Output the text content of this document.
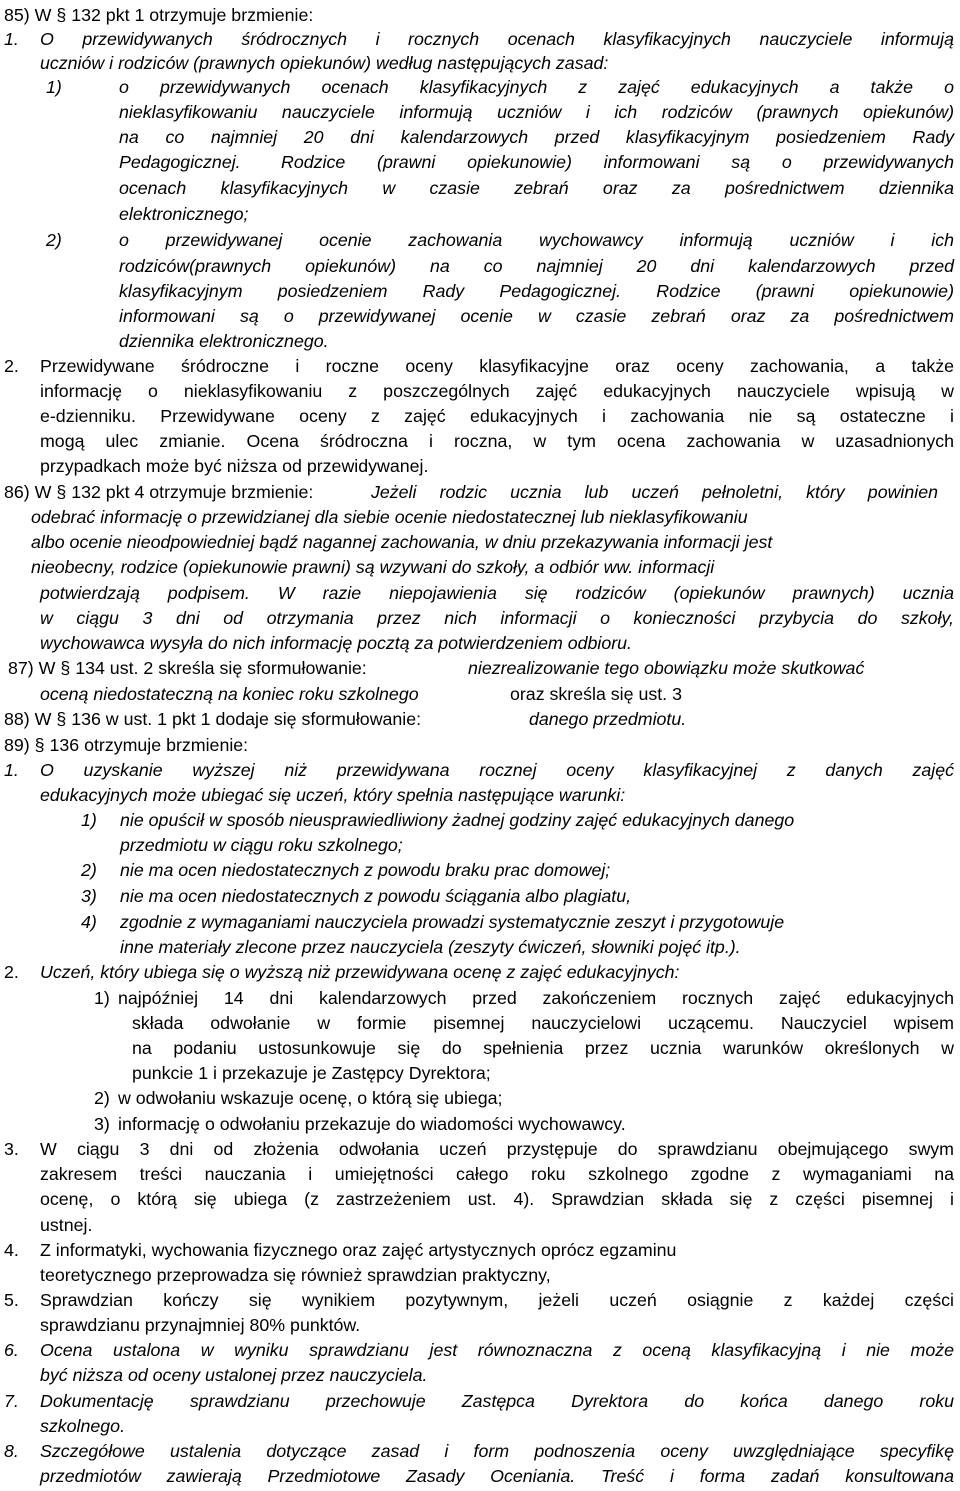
85) W § 132 pkt 1 otrzymuje brzmienie:
1. O przewidywanych śródrocznych i rocznych ocenach klasyfikacyjnych nauczyciele informują
uczniów i rodziców (prawnych opiekunów) według następujących zasad:
1)	o przewidywanych ocenach klasyfikacyjnych z zajęć edukacyjnych a także o
nieklasyfikowaniu nauczyciele informują uczniów i ich rodziców (prawnych opiekunów)
na co najmniej 20 dni kalendarzowych przed klasyfikacyjnym posiedzeniem Rady
Pedagogicznej. Rodzice (prawni opiekunowie) informowani są o przewidywanych
ocenach klasyfikacyjnych w czasie zebrań oraz za pośrednictwem dziennika
elektronicznego;
2)	o przewidywanej ocenie zachowania wychowawcy informują uczniów i ich
rodziców(prawnych opiekunów) na co najmniej 20 dni kalendarzowych przed
klasyfikacyjnym posiedzeniem Rady Pedagogicznej. Rodzice (prawni opiekunowie)
informowani są o przewidywanej ocenie w czasie zebrań oraz za pośrednictwem
dziennika elektronicznego.
2. Przewidywane śródroczne i roczne oceny klasyfikacyjne oraz oceny zachowania, a także
informację o nieklasyfikowaniu z poszczególnych zajęć edukacyjnych nauczyciele wpisują w
e-dzienniku. Przewidywane oceny z zajęć edukacyjnych i zachowania nie są ostateczne i
mogą ulec zmianie. Ocena śródroczna i roczna, w tym ocena zachowania w uzasadnionych
przypadkach może być niższa od przewidywanej.
86) W § 132 pkt 4 otrzymuje brzmienie:	Jeżeli rodzic ucznia lub uczeń pełnoletni, który powinien
odebrać informację o przewidzianej dla siebie ocenie niedostatecznej lub nieklasyfikowaniu
albo ocenie nieodpowiedniej bądź nagannej zachowania, w dniu przekazywania informacji jest
nieobecny, rodzice (opiekunowie prawni) są wzywani do szkoły, a odbiór ww. informacji
potwierdzają podpisem. W razie niepojawienia się rodziców (opiekunów prawnych) ucznia
w ciągu 3 dni od otrzymania przez nich informacji o konieczności przybycia do szkoły,
wychowawca wysyła do nich informację pocztą za potwierdzeniem odbioru.
87) W § 134 ust. 2 skreśla się sformułowanie:	niezrealizowanie tego obowiązku może skutkować
oceną niedostateczną na koniec roku szkolnego	oraz skreśla się ust. 3
88) W § 136 w ust. 1 pkt 1 dodaje się sformułowanie:	danego przedmiotu.
89) § 136 otrzymuje brzmienie:
1. O uzyskanie wyższej niż przewidywana rocznej oceny klasyfikacyjnej z danych zajęć
edukacyjnych może ubiegać się uczeń, który spełnia następujące warunki:
1) nie opuścił w sposób nieusprawiedliwiony żadnej godziny zajęć edukacyjnych danego
przedmiotu w ciągu roku szkolnego;
2) nie ma ocen niedostatecznych z powodu braku prac domowej;
3) nie ma ocen niedostatecznych z powodu ściągania albo plagiatu,
4) zgodnie z wymaganiami nauczyciela prowadzi systematycznie zeszyt i przygotowuje
inne materiały zlecone przez nauczyciela (zeszyty ćwiczeń, słowniki pojęć itp.).
2. Uczeń, który ubiega się o wyższą niż przewidywana ocenę z zajęć edukacyjnych:
1) najpóźniej 14 dni kalendarzowych przed zakończeniem rocznych zajęć edukacyjnych
składa odwołanie w formie pisemnej nauczycielowi uczącemu. Nauczyciel wpisem
na podaniu ustosunkowuje się do spełnienia przez ucznia warunków określonych w
punkcie 1 i przekazuje je Zastępcy Dyrektora;
2) w odwołaniu wskazuje ocenę, o którą się ubiega;
3) informację o odwołaniu przekazuje do wiadomości wychowawcy.
3. W ciągu 3 dni od złożenia odwołania uczeń przystępuje do sprawdzianu obejmującego swym
zakresem treści nauczania i umiejętności całego roku szkolnego zgodne z wymaganiami na
ocenę, o którą się ubiega (z zastrzeżeniem ust. 4). Sprawdzian składa się z części pisemnej i
ustnej.
4. Z informatyki, wychowania fizycznego oraz zajęć artystycznych oprócz egzaminu
teoretycznego przeprowadza się również sprawdzian praktyczny,
5. Sprawdzian kończy się wynikiem pozytywnym, jeżeli uczeń osiągnie z każdej części
sprawdzianu przynajmniej 80% punktów.
6. Ocena ustalona w wyniku sprawdzianu jest równoznaczna z oceną klasyfikacyjną i nie może
być niższa od oceny ustalonej przez nauczyciela.
7. Dokumentację sprawdzianu przechowuje Zastępca Dyrektora do końca danego roku
szkolnego.
8. Szczegółowe ustalenia dotyczące zasad i form podnoszenia oceny uwzględniające specyfikę
przedmiotów zawierają Przedmiotowe Zasady Oceniania. Treść i forma zadań konsultowana
